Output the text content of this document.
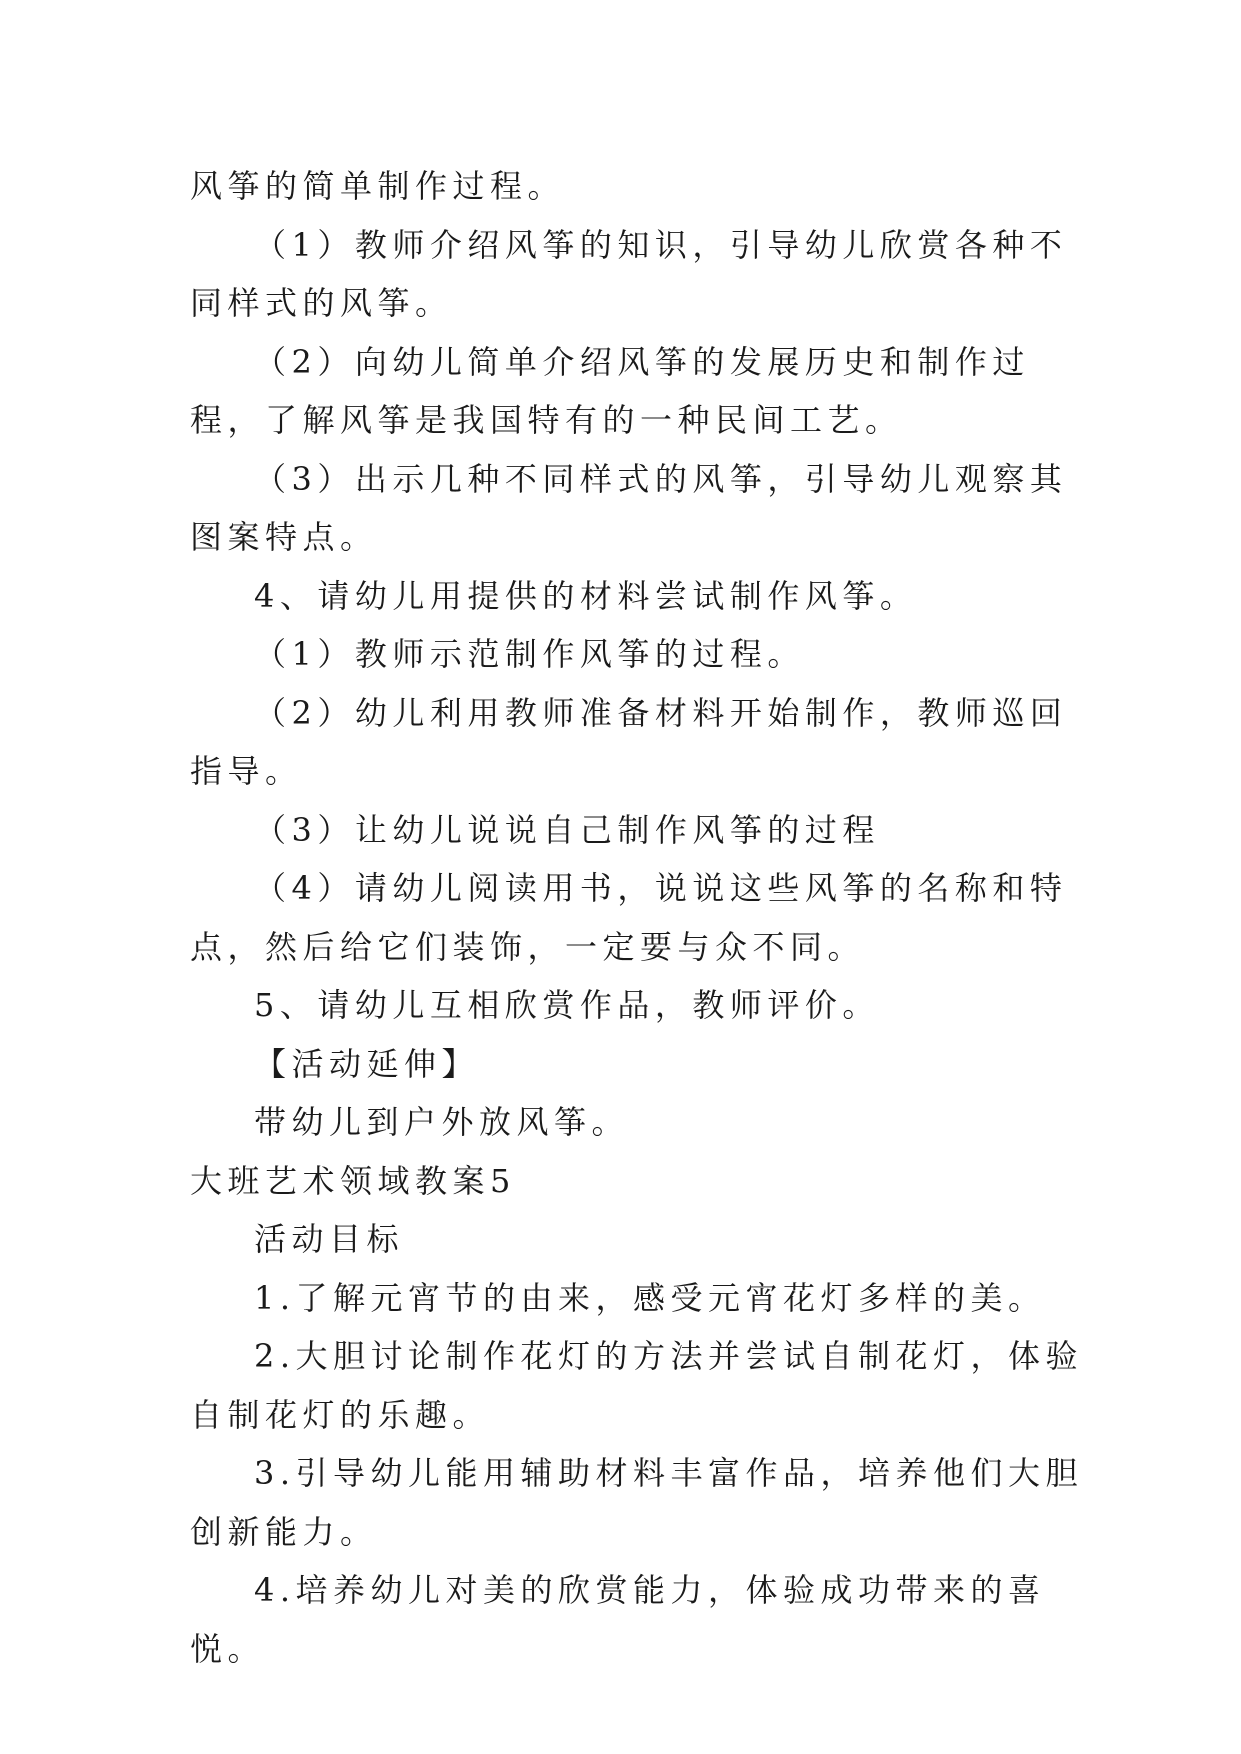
风筝的简单制作过程。

（1）教师介绍风筝的知识，引导幼儿欣赏各种不同样式的风筝。

（2）向幼儿简单介绍风筝的发展历史和制作过程，了解风筝是我国特有的一种民间工艺。

（3）出示几种不同样式的风筝，引导幼儿观察其图案特点。

4、请幼儿用提供的材料尝试制作风筝。

（1）教师示范制作风筝的过程。

（2）幼儿利用教师准备材料开始制作，教师巡回指导。

（3）让幼儿说说自己制作风筝的过程

（4）请幼儿阅读用书，说说这些风筝的名称和特点，然后给它们装饰，一定要与众不同。

5、请幼儿互相欣赏作品，教师评价。

【活动延伸】

带幼儿到户外放风筝。

大班艺术领域教案5

活动目标

1.了解元宵节的由来，感受元宵花灯多样的美。

2.大胆讨论制作花灯的方法并尝试自制花灯，体验自制花灯的乐趣。

3.引导幼儿能用辅助材料丰富作品，培养他们大胆创新能力。

4.培养幼儿对美的欣赏能力，体验成功带来的喜悦。
